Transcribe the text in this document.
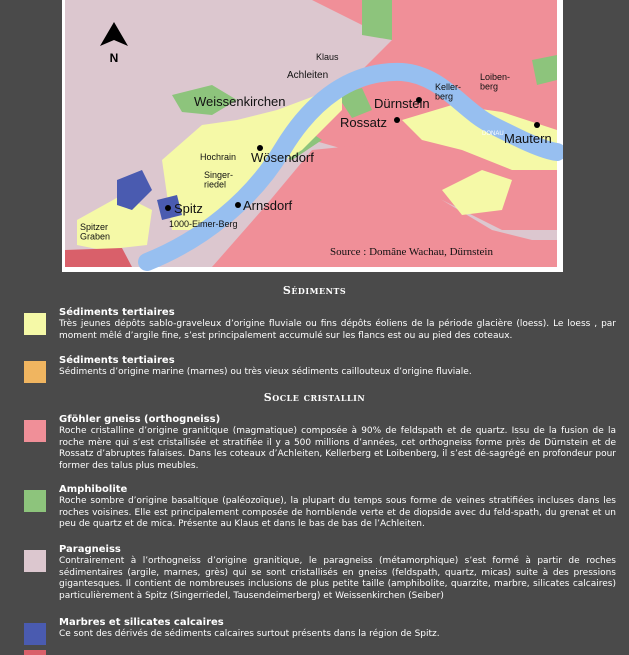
N	Klaus
Achleiten
Weissenkirchen	Dürnstein
Keller-berg
Loiben-berg
Rossatz
Mautern
DONAU
Hochrain Wösendorf
Singer-riedel
Spitz	Arnsdorf
1000-Eimer-Berg
Spitzer Graben
Source : Domâne Wachau, Dürnstein
Sédiments

Sédiments tertiaires

Très jeunes dépôts sablo-graveleux d’origine fluviale ou fins dépôts éoliens de la période glacière (loess). Le loess , par moment mêlé d’argile fine, s’est principalement accumulé sur les flancs est ou au pied des coteaux.

Sédiments tertiaires

Sédiments d’origine marine (marnes) ou très vieux sédiments caillouteux d’origine fluviale.

Socle cristallin

Gföhler gneiss (orthogneiss)

Roche cristalline d’origine granitique (magmatique) composée à 90% de feldspath et de quartz. Issu de la fusion de la roche mère qui s’est cristallisée et stratifiée il y a 500 millions d’années, cet orthogneiss forme près de Dürnstein et de Rossatz d’abruptes falaises. Dans les coteaux d’Achleiten, Kellerberg et Loibenberg, il s’est dé-sagrégé en profondeur pour former des talus plus meubles.

Amphibolite

Roche sombre d’origine basaltique (paléozoïque), la plupart du temps sous forme de veines stratifiées incluses dans les roches voisines. Elle est principalement composée de hornblende verte et de diopside avec du feld-spath, du grenat et un peu de quartz et de mica. Présente au Klaus et dans le bas de bas de l’Achleiten.

Paragneiss

Contrairement à l’orthogneiss d’origine granitique, le paragneiss (métamorphique) s’est formé à partir de roches sédimentaires (argile, marnes, grès) qui se sont cristallisés en gneiss (feldspath, quartz, micas) suite à des pressions gigantesques. Il contient de nombreuses inclusions de plus petite taille (amphibolite, quarzite, marbre, silicates calcaires) particulièrement à Spitz (Singerriedel, Tausendeimerberg) et Weissenkirchen (Seiber)

Marbres et silicates calcaires

Ce sont des dérivés de sédiments calcaires surtout présents dans la région de Spitz.
